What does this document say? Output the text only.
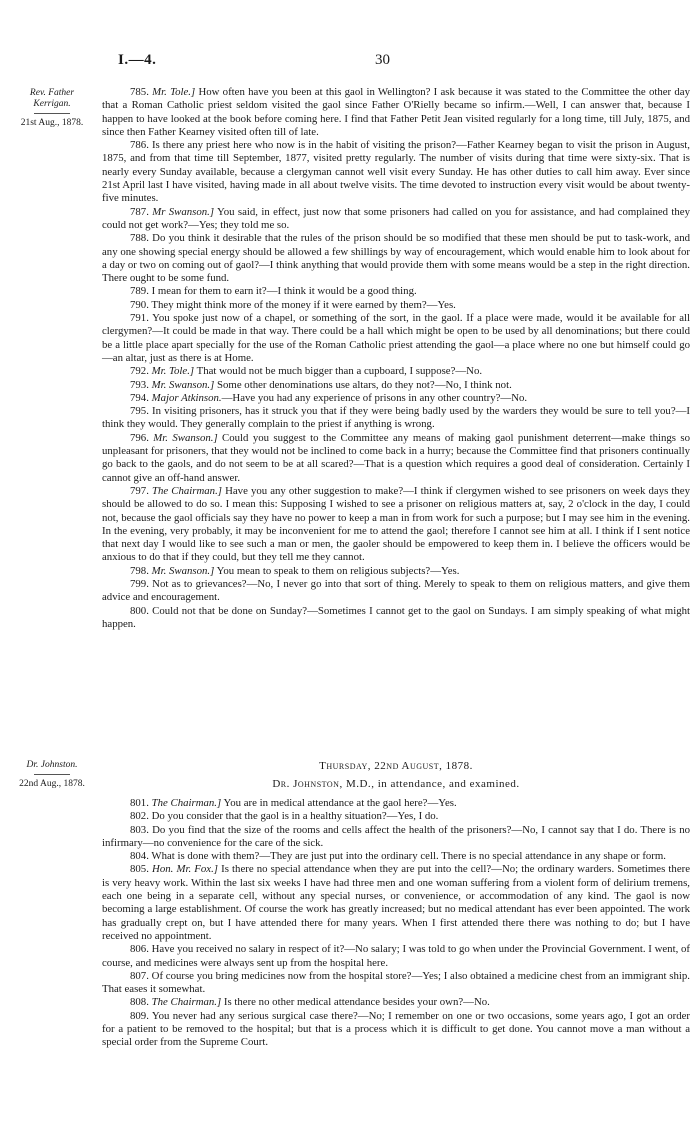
I.—4.	30
Rev. Father
Kerrigan.
21st Aug., 1878.

785. Mr. Tole.] How often have you been at this gaol in Wellington? I ask because it was stated to the Committee the other day that a Roman Catholic priest seldom visited the gaol since Father O'Rielly became so infirm.—Well, I can answer that, because I happen to have looked at the book before coming here. I find that Father Petit Jean visited regularly for a long time, till July, 1875, and since then Father Kearney visited often till of late.

786. Is there any priest here who now is in the habit of visiting the prison?—Father Kearney began to visit the prison in August, 1875, and from that time till September, 1877, visited pretty regularly. The number of visits during that time were sixty-six. That is nearly every Sunday available, because a clergyman cannot well visit every Sunday. He has other duties to call him away. Ever since 21st April last I have visited, having made in all about twelve visits. The time devoted to instruction every visit would be about twenty-five minutes.

787. Mr Swanson.] You said, in effect, just now that some prisoners had called on you for assistance, and had complained they could not get work?—Yes; they told me so.

788. Do you think it desirable that the rules of the prison should be so modified that these men should be put to task-work, and any one showing special energy should be allowed a few shillings by way of encouragement, which would enable him to look about for a day or two on coming out of gaol?—I think anything that would provide them with some means would be a step in the right direction. There ought to be some fund.

789. I mean for them to earn it?—I think it would be a good thing.

790. They might think more of the money if it were earned by them?—Yes.

791. You spoke just now of a chapel, or something of the sort, in the gaol. If a place were made, would it be available for all clergymen?—It could be made in that way. There could be a hall which might be open to be used by all denominations; but there could be a little place apart specially for the use of the Roman Catholic priest attending the gaol—a place where no one but himself could go—an altar, just as there is at Home.

792. Mr. Tole.] That would not be much bigger than a cupboard, I suppose?—No.

793. Mr. Swanson.] Some other denominations use altars, do they not?—No, I think not.

794. Major Atkinson.—Have you had any experience of prisons in any other country?—No.

795. In visiting prisoners, has it struck you that if they were being badly used by the warders they would be sure to tell you?—I think they would. They generally complain to the priest if anything is wrong.

796. Mr. Swanson.] Could you suggest to the Committee any means of making gaol punishment deterrent—make things so unpleasant for prisoners, that they would not be inclined to come back in a hurry; because the Committee find that prisoners continually go back to the gaols, and do not seem to be at all scared?—That is a question which requires a good deal of consideration. Certainly I cannot give an off-hand answer.

797. The Chairman.] Have you any other suggestion to make?—I think if clergymen wished to see prisoners on week days they should be allowed to do so. I mean this: Supposing I wished to see a prisoner on religious matters at, say, 2 o'clock in the day, I could not, because the gaol officials say they have no power to keep a man in from work for such a purpose; but I may see him in the evening. In the evening, very probably, it may be inconvenient for me to attend the gaol; therefore I cannot see him at all. I think if I sent notice that next day I would like to see such a man or men, the gaoler should be empowered to keep them in. I believe the officers would be anxious to do that if they could, but they tell me they cannot.

798. Mr. Swanson.] You mean to speak to them on religious subjects?—Yes.

799. Not as to grievances?—No, I never go into that sort of thing. Merely to speak to them on religious matters, and give them advice and encouragement.

800. Could not that be done on Sunday?—Sometimes I cannot get to the gaol on Sundays. I am simply speaking of what might happen.

Dr. Johnston.
22nd Aug., 1878.
Thursday, 22nd August, 1878.
Dr. Johnston, M.D., in attendance, and examined.

801. The Chairman.] You are in medical attendance at the gaol here?—Yes.

802. Do you consider that the gaol is in a healthy situation?—Yes, I do.

803. Do you find that the size of the rooms and cells affect the health of the prisoners?—No, I cannot say that I do. There is no infirmary—no convenience for the care of the sick.

804. What is done with them?—They are just put into the ordinary cell. There is no special attendance in any shape or form.

805. Hon. Mr. Fox.] Is there no special attendance when they are put into the cell?—No; the ordinary warders. Sometimes there is very heavy work. Within the last six weeks I have had three men and one woman suffering from a violent form of delirium tremens, each one being in a separate cell, without any special nurses, or convenience, or accommodation of any kind. The gaol is now becoming a large establishment. Of course the work has greatly increased; but no medical attendant has ever been appointed. The work has gradually crept on, but I have attended there for many years. When I first attended there there was nothing to do; but I have received no appointment.

806. Have you received no salary in respect of it?—No salary; I was told to go when under the Provincial Government. I went, of course, and medicines were always sent up from the hospital here.

807. Of course you bring medicines now from the hospital store?—Yes; I also obtained a medicine chest from an immigrant ship. That eases it somewhat.

808. The Chairman.] Is there no other medical attendance besides your own?—No.

809. You never had any serious surgical case there?—No; I remember on one or two occasions, some years ago, I got an order for a patient to be removed to the hospital; but that is a process which it is difficult to get done. You cannot move a man without a special order from the Supreme Court.
